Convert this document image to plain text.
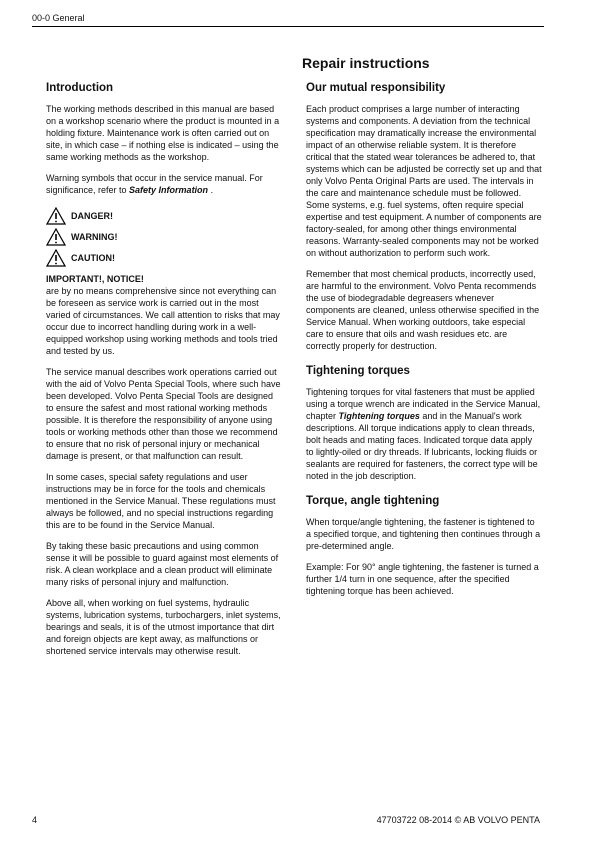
00-0 General
Repair instructions
Introduction

The working methods described in this manual are based on a workshop scenario where the product is mounted in a holding fixture. Maintenance work is often carried out on site, in which case – if nothing else is indicated – using the same working methods as the workshop.

Warning symbols that occur in the service manual. For significance, refer to Safety Information .

DANGER!
WARNING!
CAUTION!
IMPORTANT!, NOTICE!

are by no means comprehensive since not everything can be foreseen as service work is carried out in the most varied of circumstances. We call attention to risks that may occur due to incorrect handling during work in a well-equipped workshop using working methods and tools tried and tested by us.

The service manual describes work operations carried out with the aid of Volvo Penta Special Tools, where such have been developed. Volvo Penta Special Tools are designed to ensure the safest and most rational working methods possible. It is therefore the responsibility of anyone using tools or working methods other than those we recommend to ensure that no risk of personal injury or mechanical damage is present, or that malfunction can result.

In some cases, special safety regulations and user instructions may be in force for the tools and chemicals mentioned in the Service Manual. These regulations must always be followed, and no special instructions regarding this are to be found in the Service Manual.

By taking these basic precautions and using common sense it will be possible to guard against most elements of risk. A clean workplace and a clean product will eliminate many risks of personal injury and malfunction.

Above all, when working on fuel systems, hydraulic systems, lubrication systems, turbochargers, inlet systems, bearings and seals, it is of the utmost importance that dirt and foreign objects are kept away, as malfunctions or shortened service intervals may otherwise result.

Our mutual responsibility

Each product comprises a large number of interacting systems and components. A deviation from the technical specification may dramatically increase the environmental impact of an otherwise reliable system. It is therefore critical that the stated wear tolerances be adhered to, that systems which can be adjusted be correctly set up and that only Volvo Penta Original Parts are used. The intervals in the care and maintenance schedule must be followed.
Some systems, e.g. fuel systems, often require special expertise and test equipment. A number of components are factory-sealed, for among other things environmental reasons. Warranty-sealed components may not be worked on without authorization to perform such work.

Remember that most chemical products, incorrectly used, are harmful to the environment. Volvo Penta recommends the use of biodegradable degreasers whenever components are cleaned, unless otherwise specified in the Service Manual. When working outdoors, take especial care to ensure that oils and wash residues etc. are correctly properly for destruction.

Tightening torques

Tightening torques for vital fasteners that must be applied using a torque wrench are indicated in the Service Manual, chapter Tightening torques and in the Manual's work descriptions. All torque indications apply to clean threads, bolt heads and mating faces. Indicated torque data apply to lightly-oiled or dry threads. If lubricants, locking fluids or sealants are required for fasteners, the correct type will be noted in the job description.

Torque, angle tightening

When torque/angle tightening, the fastener is tightened to a specified torque, and tightening then continues through a pre-determined angle.

Example: For 90° angle tightening, the fastener is turned a further 1/4 turn in one sequence, after the specified tightening torque has been achieved.

4	47703722 08-2014 © AB VOLVO PENTA
